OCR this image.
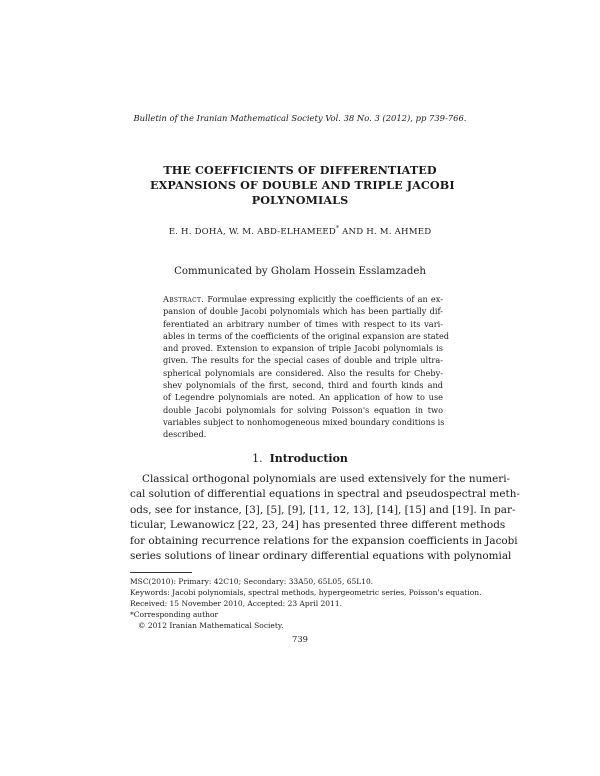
Bulletin of the Iranian Mathematical Society Vol. 38 No. 3 (2012), pp 739-766.
THE COEFFICIENTS OF DIFFERENTIATED
EXPANSIONS OF DOUBLE AND TRIPLE JACOBI
POLYNOMIALS
E. H. DOHA, W. M. ABD-ELHAMEED* AND H. M. AHMED
Communicated by Gholam Hossein Esslamzadeh
Abstract. Formulae expressing explicitly the coefficients of an ex-
pansion of double Jacobi polynomials which has been partially dif-
ferentiated an arbitrary number of times with respect to its vari-
ables in terms of the coefficients of the original expansion are stated
and proved. Extension to expansion of triple Jacobi polynomials is
given. The results for the special cases of double and triple ultra-
spherical polynomials are considered. Also the results for Cheby-
shev polynomials of the first, second, third and fourth kinds and
of Legendre polynomials are noted. An application of how to use
double Jacobi polynomials for solving Poisson's equation in two
variables subject to nonhomogeneous mixed boundary conditions is
described.
1. Introduction
Classical orthogonal polynomials are used extensively for the numeri-
cal solution of differential equations in spectral and pseudospectral meth-
ods, see for instance, [3], [5], [9], [11, 12, 13], [14], [15] and [19]. In par-
ticular, Lewanowicz [22, 23, 24] has presented three different methods
for obtaining recurrence relations for the expansion coefficients in Jacobi
series solutions of linear ordinary differential equations with polynomial
MSC(2010): Primary: 42C10; Secondary: 33A50, 65L05, 65L10.
Keywords: Jacobi polynomials, spectral methods, hypergeometric series, Poisson's equation.
Received: 15 November 2010, Accepted: 23 April 2011.
*Corresponding author
© 2012 Iranian Mathematical Society.
739
